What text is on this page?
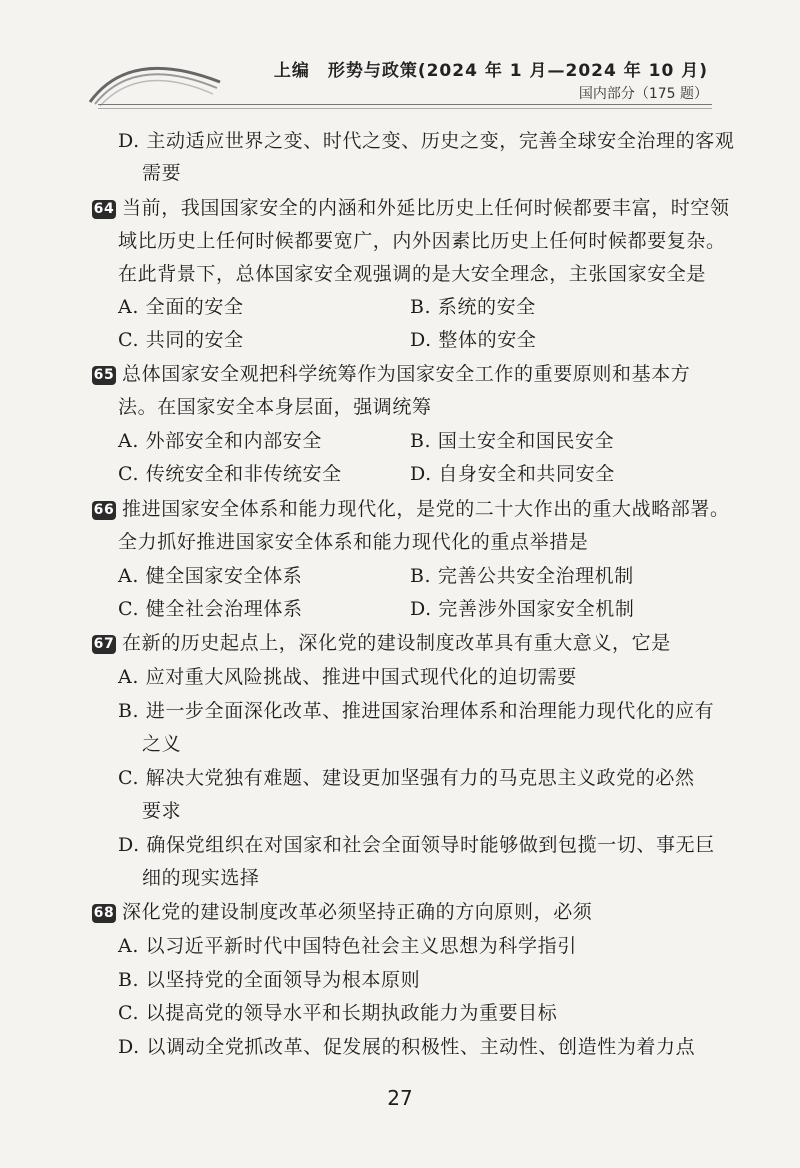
上编　形势与政策(2024 年 1 月—2024 年 10 月)
国内部分（175 题）
D. 主动适应世界之变、时代之变、历史之变，完善全球安全治理的客观
需要
64 当前，我国国家安全的内涵和外延比历史上任何时候都要丰富，时空领
域比历史上任何时候都要宽广，内外因素比历史上任何时候都要复杂。
在此背景下，总体国家安全观强调的是大安全理念，主张国家安全是
A. 全面的安全	B. 系统的安全
C. 共同的安全	D. 整体的安全
65 总体国家安全观把科学统筹作为国家安全工作的重要原则和基本方
法。在国家安全本身层面，强调统筹
A. 外部安全和内部安全	B. 国土安全和国民安全
C. 传统安全和非传统安全	D. 自身安全和共同安全
66 推进国家安全体系和能力现代化，是党的二十大作出的重大战略部署。
全力抓好推进国家安全体系和能力现代化的重点举措是
A. 健全国家安全体系	B. 完善公共安全治理机制
C. 健全社会治理体系	D. 完善涉外国家安全机制
67 在新的历史起点上，深化党的建设制度改革具有重大意义，它是
A. 应对重大风险挑战、推进中国式现代化的迫切需要
B. 进一步全面深化改革、推进国家治理体系和治理能力现代化的应有
之义
C. 解决大党独有难题、建设更加坚强有力的马克思主义政党的必然
要求
D. 确保党组织在对国家和社会全面领导时能够做到包揽一切、事无巨
细的现实选择
68 深化党的建设制度改革必须坚持正确的方向原则，必须
A. 以习近平新时代中国特色社会主义思想为科学指引
B. 以坚持党的全面领导为根本原则
C. 以提高党的领导水平和长期执政能力为重要目标
D. 以调动全党抓改革、促发展的积极性、主动性、创造性为着力点
27
